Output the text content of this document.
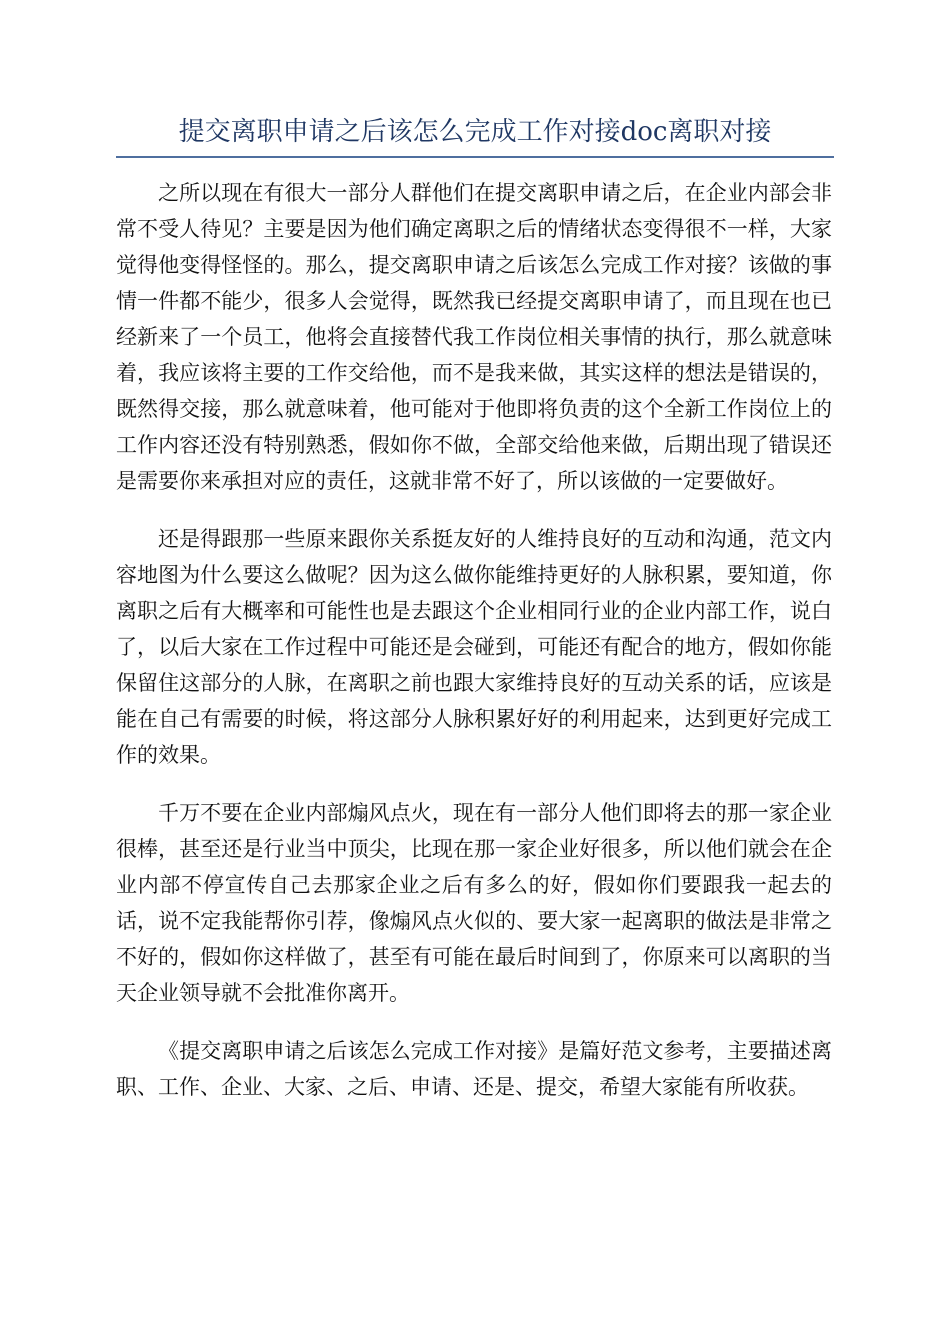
提交离职申请之后该怎么完成工作对接doc离职对接

之所以现在有很大一部分人群他们在提交离职申请之后，在企业内部会非常不受人待见？主要是因为他们确定离职之后的情绪状态变得很不一样，大家觉得他变得怪怪的。那么，提交离职申请之后该怎么完成工作对接？该做的事情一件都不能少，很多人会觉得，既然我已经提交离职申请了，而且现在也已经新来了一个员工，他将会直接替代我工作岗位相关事情的执行，那么就意味着，我应该将主要的工作交给他，而不是我来做，其实这样的想法是错误的，既然得交接，那么就意味着，他可能对于他即将负责的这个全新工作岗位上的工作内容还没有特别熟悉，假如你不做，全部交给他来做，后期出现了错误还是需要你来承担对应的责任，这就非常不好了，所以该做的一定要做好。

还是得跟那一些原来跟你关系挺友好的人维持良好的互动和沟通，范文内容地图为什么要这么做呢？因为这么做你能维持更好的人脉积累，要知道，你离职之后有大概率和可能性也是去跟这个企业相同行业的企业内部工作，说白了，以后大家在工作过程中可能还是会碰到，可能还有配合的地方，假如你能保留住这部分的人脉，在离职之前也跟大家维持良好的互动关系的话，应该是能在自己有需要的时候，将这部分人脉积累好好的利用起来，达到更好完成工作的效果。

千万不要在企业内部煽风点火，现在有一部分人他们即将去的那一家企业很棒，甚至还是行业当中顶尖，比现在那一家企业好很多，所以他们就会在企业内部不停宣传自己去那家企业之后有多么的好，假如你们要跟我一起去的话，说不定我能帮你引荐，像煽风点火似的、要大家一起离职的做法是非常之不好的，假如你这样做了，甚至有可能在最后时间到了，你原来可以离职的当天企业领导就不会批准你离开。

《提交离职申请之后该怎么完成工作对接》是篇好范文参考，主要描述离职、工作、企业、大家、之后、申请、还是、提交，希望大家能有所收获。
